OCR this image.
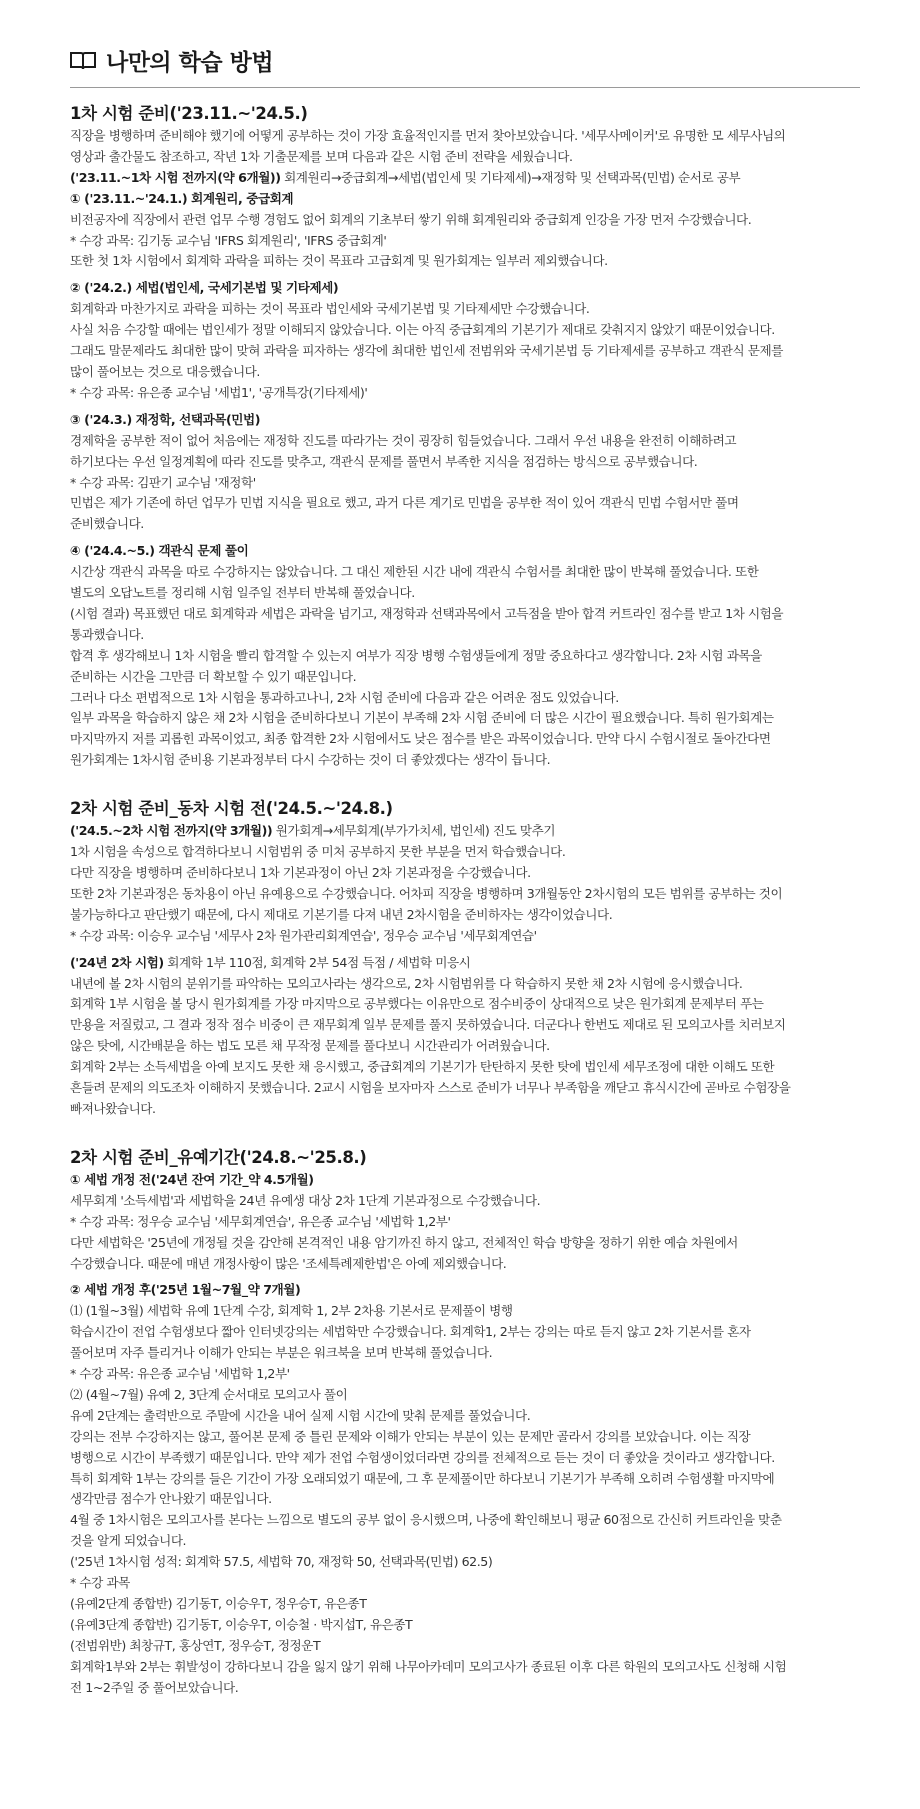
나만의 학습 방법
1차 시험 준비('23.11.~'24.5.)
직장을 병행하며 준비해야 했기에 어떻게 공부하는 것이 가장 효율적인지를 먼저 찾아보았습니다. '세무사메이커'로 유명한 모 세무사님의
영상과 출간물도 참조하고, 작년 1차 기출문제를 보며 다음과 같은 시험 준비 전략을 세웠습니다.
('23.11.~1차 시험 전까지(약 6개월)) 회계원리→중급회계→세법(법인세 및 기타제세)→재정학 및 선택과목(민법) 순서로 공부
① ('23.11.~'24.1.) 회계원리, 중급회계
비전공자에 직장에서 관련 업무 수행 경험도 없어 회계의 기초부터 쌓기 위해 회계원리와 중급회계 인강을 가장 먼저 수강했습니다.
* 수강 과목: 김기동 교수님 'IFRS 회계원리', 'IFRS 중급회계'
또한 첫 1차 시험에서 회계학 과락을 피하는 것이 목표라 고급회계 및 원가회계는 일부러 제외했습니다.
② ('24.2.) 세법(법인세, 국세기본법 및 기타제세)
회계학과 마찬가지로 과락을 피하는 것이 목표라 법인세와 국세기본법 및 기타제세만 수강했습니다.
사실 처음 수강할 때에는 법인세가 정말 이해되지 않았습니다. 이는 아직 중급회계의 기본기가 제대로 갖춰지지 않았기 때문이었습니다.
그래도 말문제라도 최대한 많이 맞혀 과락을 피자하는 생각에 최대한 법인세 전범위와 국세기본법 등 기타제세를 공부하고 객관식 문제를
많이 풀어보는 것으로 대응했습니다.
* 수강 과목: 유은종 교수님 '세법1', '공개특강(기타제세)'
③ ('24.3.) 재정학, 선택과목(민법)
경제학을 공부한 적이 없어 처음에는 재정학 진도를 따라가는 것이 굉장히 힘들었습니다. 그래서 우선 내용을 완전히 이해하려고
하기보다는 우선 일정계획에 따라 진도를 맞추고, 객관식 문제를 풀면서 부족한 지식을 점검하는 방식으로 공부했습니다.
* 수강 과목: 김판기 교수님 '재정학'
민법은 제가 기존에 하던 업무가 민법 지식을 필요로 했고, 과거 다른 계기로 민법을 공부한 적이 있어 객관식 민법 수험서만 풀며
준비했습니다.
④ ('24.4.~5.) 객관식 문제 풀이
시간상 객관식 과목을 따로 수강하지는 않았습니다. 그 대신 제한된 시간 내에 객관식 수험서를 최대한 많이 반복해 풀었습니다. 또한
별도의 오답노트를 정리해 시험 일주일 전부터 반복해 풀었습니다.
(시험 결과) 목표했던 대로 회계학과 세법은 과락을 넘기고, 재정학과 선택과목에서 고득점을 받아 합격 커트라인 점수를 받고 1차 시험을
통과했습니다.
합격 후 생각해보니 1차 시험을 빨리 합격할 수 있는지 여부가 직장 병행 수험생들에게 정말 중요하다고 생각합니다. 2차 시험 과목을
준비하는 시간을 그만큼 더 확보할 수 있기 때문입니다.
그러나 다소 편법적으로 1차 시험을 통과하고나니, 2차 시험 준비에 다음과 같은 어려운 점도 있었습니다.
일부 과목을 학습하지 않은 채 2차 시험을 준비하다보니 기본이 부족해 2차 시험 준비에 더 많은 시간이 필요했습니다. 특히 원가회계는
마지막까지 저를 괴롭힌 과목이었고, 최종 합격한 2차 시험에서도 낮은 점수를 받은 과목이었습니다. 만약 다시 수험시절로 돌아간다면
원가회계는 1차시험 준비용 기본과정부터 다시 수강하는 것이 더 좋았겠다는 생각이 듭니다.
2차 시험 준비_동차 시험 전('24.5.~'24.8.)
('24.5.~2차 시험 전까지(약 3개월)) 원가회계→세무회계(부가가치세, 법인세) 진도 맞추기
1차 시험을 속성으로 합격하다보니 시험범위 중 미처 공부하지 못한 부분을 먼저 학습했습니다.
다만 직장을 병행하며 준비하다보니 1차 기본과정이 아닌 2차 기본과정을 수강했습니다.
또한 2차 기본과정은 동차용이 아닌 유예용으로 수강했습니다. 어차피 직장을 병행하며 3개월동안 2차시험의 모든 범위를 공부하는 것이
불가능하다고 판단했기 때문에, 다시 제대로 기본기를 다져 내년 2차시험을 준비하자는 생각이었습니다.
* 수강 과목: 이승우 교수님 '세무사 2차 원가관리회계연습', 정우승 교수님 '세무회계연습'
('24년 2차 시험) 회계학 1부 110점, 회계학 2부 54점 득점 / 세법학 미응시
내년에 볼 2차 시험의 분위기를 파악하는 모의고사라는 생각으로, 2차 시험범위를 다 학습하지 못한 채 2차 시험에 응시했습니다.
회계학 1부 시험을 볼 당시 원가회계를 가장 마지막으로 공부했다는 이유만으로 점수비중이 상대적으로 낮은 원가회계 문제부터 푸는
만용을 저질렀고, 그 결과 정작 점수 비중이 큰 재무회계 일부 문제를 풀지 못하였습니다. 더군다나 한번도 제대로 된 모의고사를 치러보지
않은 탓에, 시간배분을 하는 법도 모른 채 무작정 문제를 풀다보니 시간관리가 어려웠습니다.
회계학 2부는 소득세법을 아예 보지도 못한 채 응시했고, 중급회계의 기본기가 탄탄하지 못한 탓에 법인세 세무조정에 대한 이해도 또한
흔들려 문제의 의도조차 이해하지 못했습니다. 2교시 시험을 보자마자 스스로 준비가 너무나 부족함을 깨닫고 휴식시간에 곧바로 수험장을
빠져나왔습니다.
2차 시험 준비_유예기간('24.8.~'25.8.)
① 세법 개정 전('24년 잔여 기간_약 4.5개월)
세무회계 '소득세법'과 세법학을 24년 유예생 대상 2차 1단계 기본과정으로 수강했습니다.
* 수강 과목: 정우승 교수님 '세무회계연습', 유은종 교수님 '세법학 1,2부'
다만 세법학은 '25년에 개정될 것을 감안해 본격적인 내용 암기까진 하지 않고, 전체적인 학습 방향을 정하기 위한 예습 차원에서
수강했습니다. 때문에 매년 개정사항이 많은 '조세특례제한법'은 아예 제외했습니다.
② 세법 개정 후('25년 1월~7월_약 7개월)
⑴ (1월~3월) 세법학 유예 1단계 수강, 회계학 1, 2부 2차용 기본서로 문제풀이 병행
학습시간이 전업 수험생보다 짧아 인터넷강의는 세법학만 수강했습니다. 회계학1, 2부는 강의는 따로 듣지 않고 2차 기본서를 혼자
풀어보며 자주 틀리거나 이해가 안되는 부분은 워크북을 보며 반복해 풀었습니다.
* 수강 과목: 유은종 교수님 '세법학 1,2부'
⑵ (4월~7월) 유예 2, 3단계 순서대로 모의고사 풀이
유예 2단계는 출력반으로 주말에 시간을 내어 실제 시험 시간에 맞춰 문제를 풀었습니다.
강의는 전부 수강하지는 않고, 풀어본 문제 중 틀린 문제와 이해가 안되는 부분이 있는 문제만 골라서 강의를 보았습니다. 이는 직장
병행으로 시간이 부족했기 때문입니다. 만약 제가 전업 수험생이었더라면 강의를 전체적으로 듣는 것이 더 좋았을 것이라고 생각합니다.
특히 회계학 1부는 강의를 들은 기간이 가장 오래되었기 때문에, 그 후 문제풀이만 하다보니 기본기가 부족해 오히려 수험생활 마지막에
생각만큼 점수가 안나왔기 때문입니다.
4월 중 1차시험은 모의고사를 본다는 느낌으로 별도의 공부 없이 응시했으며, 나중에 확인해보니 평균 60점으로 간신히 커트라인을 맞춘
것을 알게 되었습니다.
('25년 1차시험 성적: 회계학 57.5, 세법학 70, 재정학 50, 선택과목(민법) 62.5)
* 수강 과목
(유예2단계 종합반) 김기동T, 이승우T, 정우승T, 유은종T
(유예3단계 종합반) 김기동T, 이승우T, 이승철 · 박지섭T, 유은종T
(전범위반) 최창규T, 홍상연T, 정우승T, 정정운T
회계학1부와 2부는 휘발성이 강하다보니 감을 잃지 않기 위해 나무아카데미 모의고사가 종료된 이후 다른 학원의 모의고사도 신청해 시험
전 1~2주일 중 풀어보았습니다.
